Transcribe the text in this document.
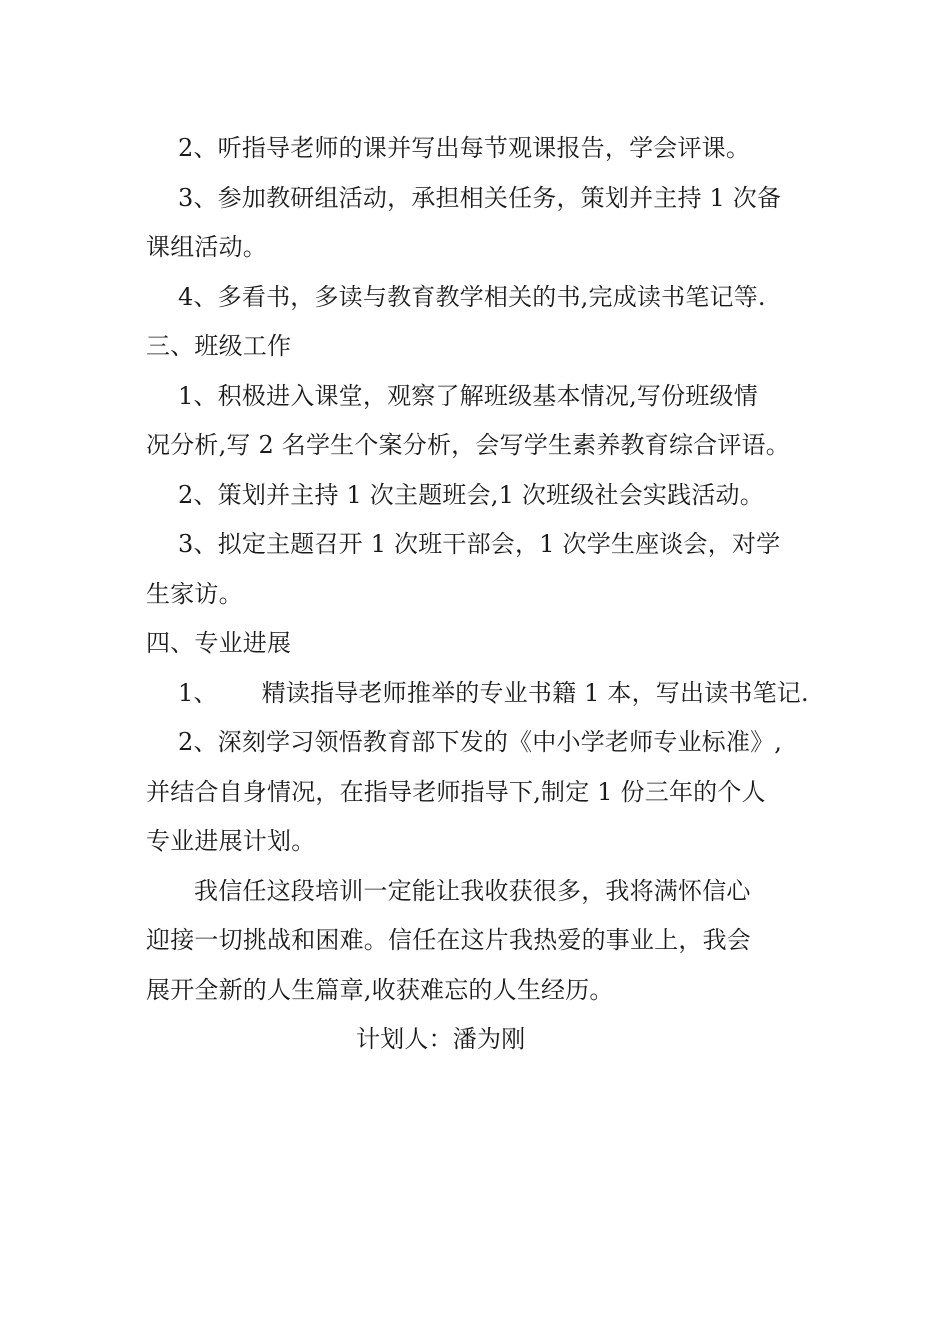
2、听指导老师的课并写出每节观课报告，学会评课。
3、参加教研组活动，承担相关任务，策划并主持 1 次备
课组活动。
4、多看书，多读与教育教学相关的书,完成读书笔记等.
三、班级工作
1、积极进入课堂，观察了解班级基本情况,写份班级情
况分析,写 2 名学生个案分析，会写学生素养教育综合评语。
2、策划并主持 1 次主题班会,1 次班级社会实践活动。
3、拟定主题召开 1 次班干部会，1 次学生座谈会，对学
生家访。
四、专业进展
1、 精读指导老师推举的专业书籍 1 本，写出读书笔记.
2、深刻学习领悟教育部下发的《中小学老师专业标准》,
并结合自身情况，在指导老师指导下,制定 1 份三年的个人
专业进展计划。
我信任这段培训一定能让我收获很多，我将满怀信心
迎接一切挑战和困难。信任在这片我热爱的事业上，我会
展开全新的人生篇章,收获难忘的人生经历。
计划人：潘为刚
